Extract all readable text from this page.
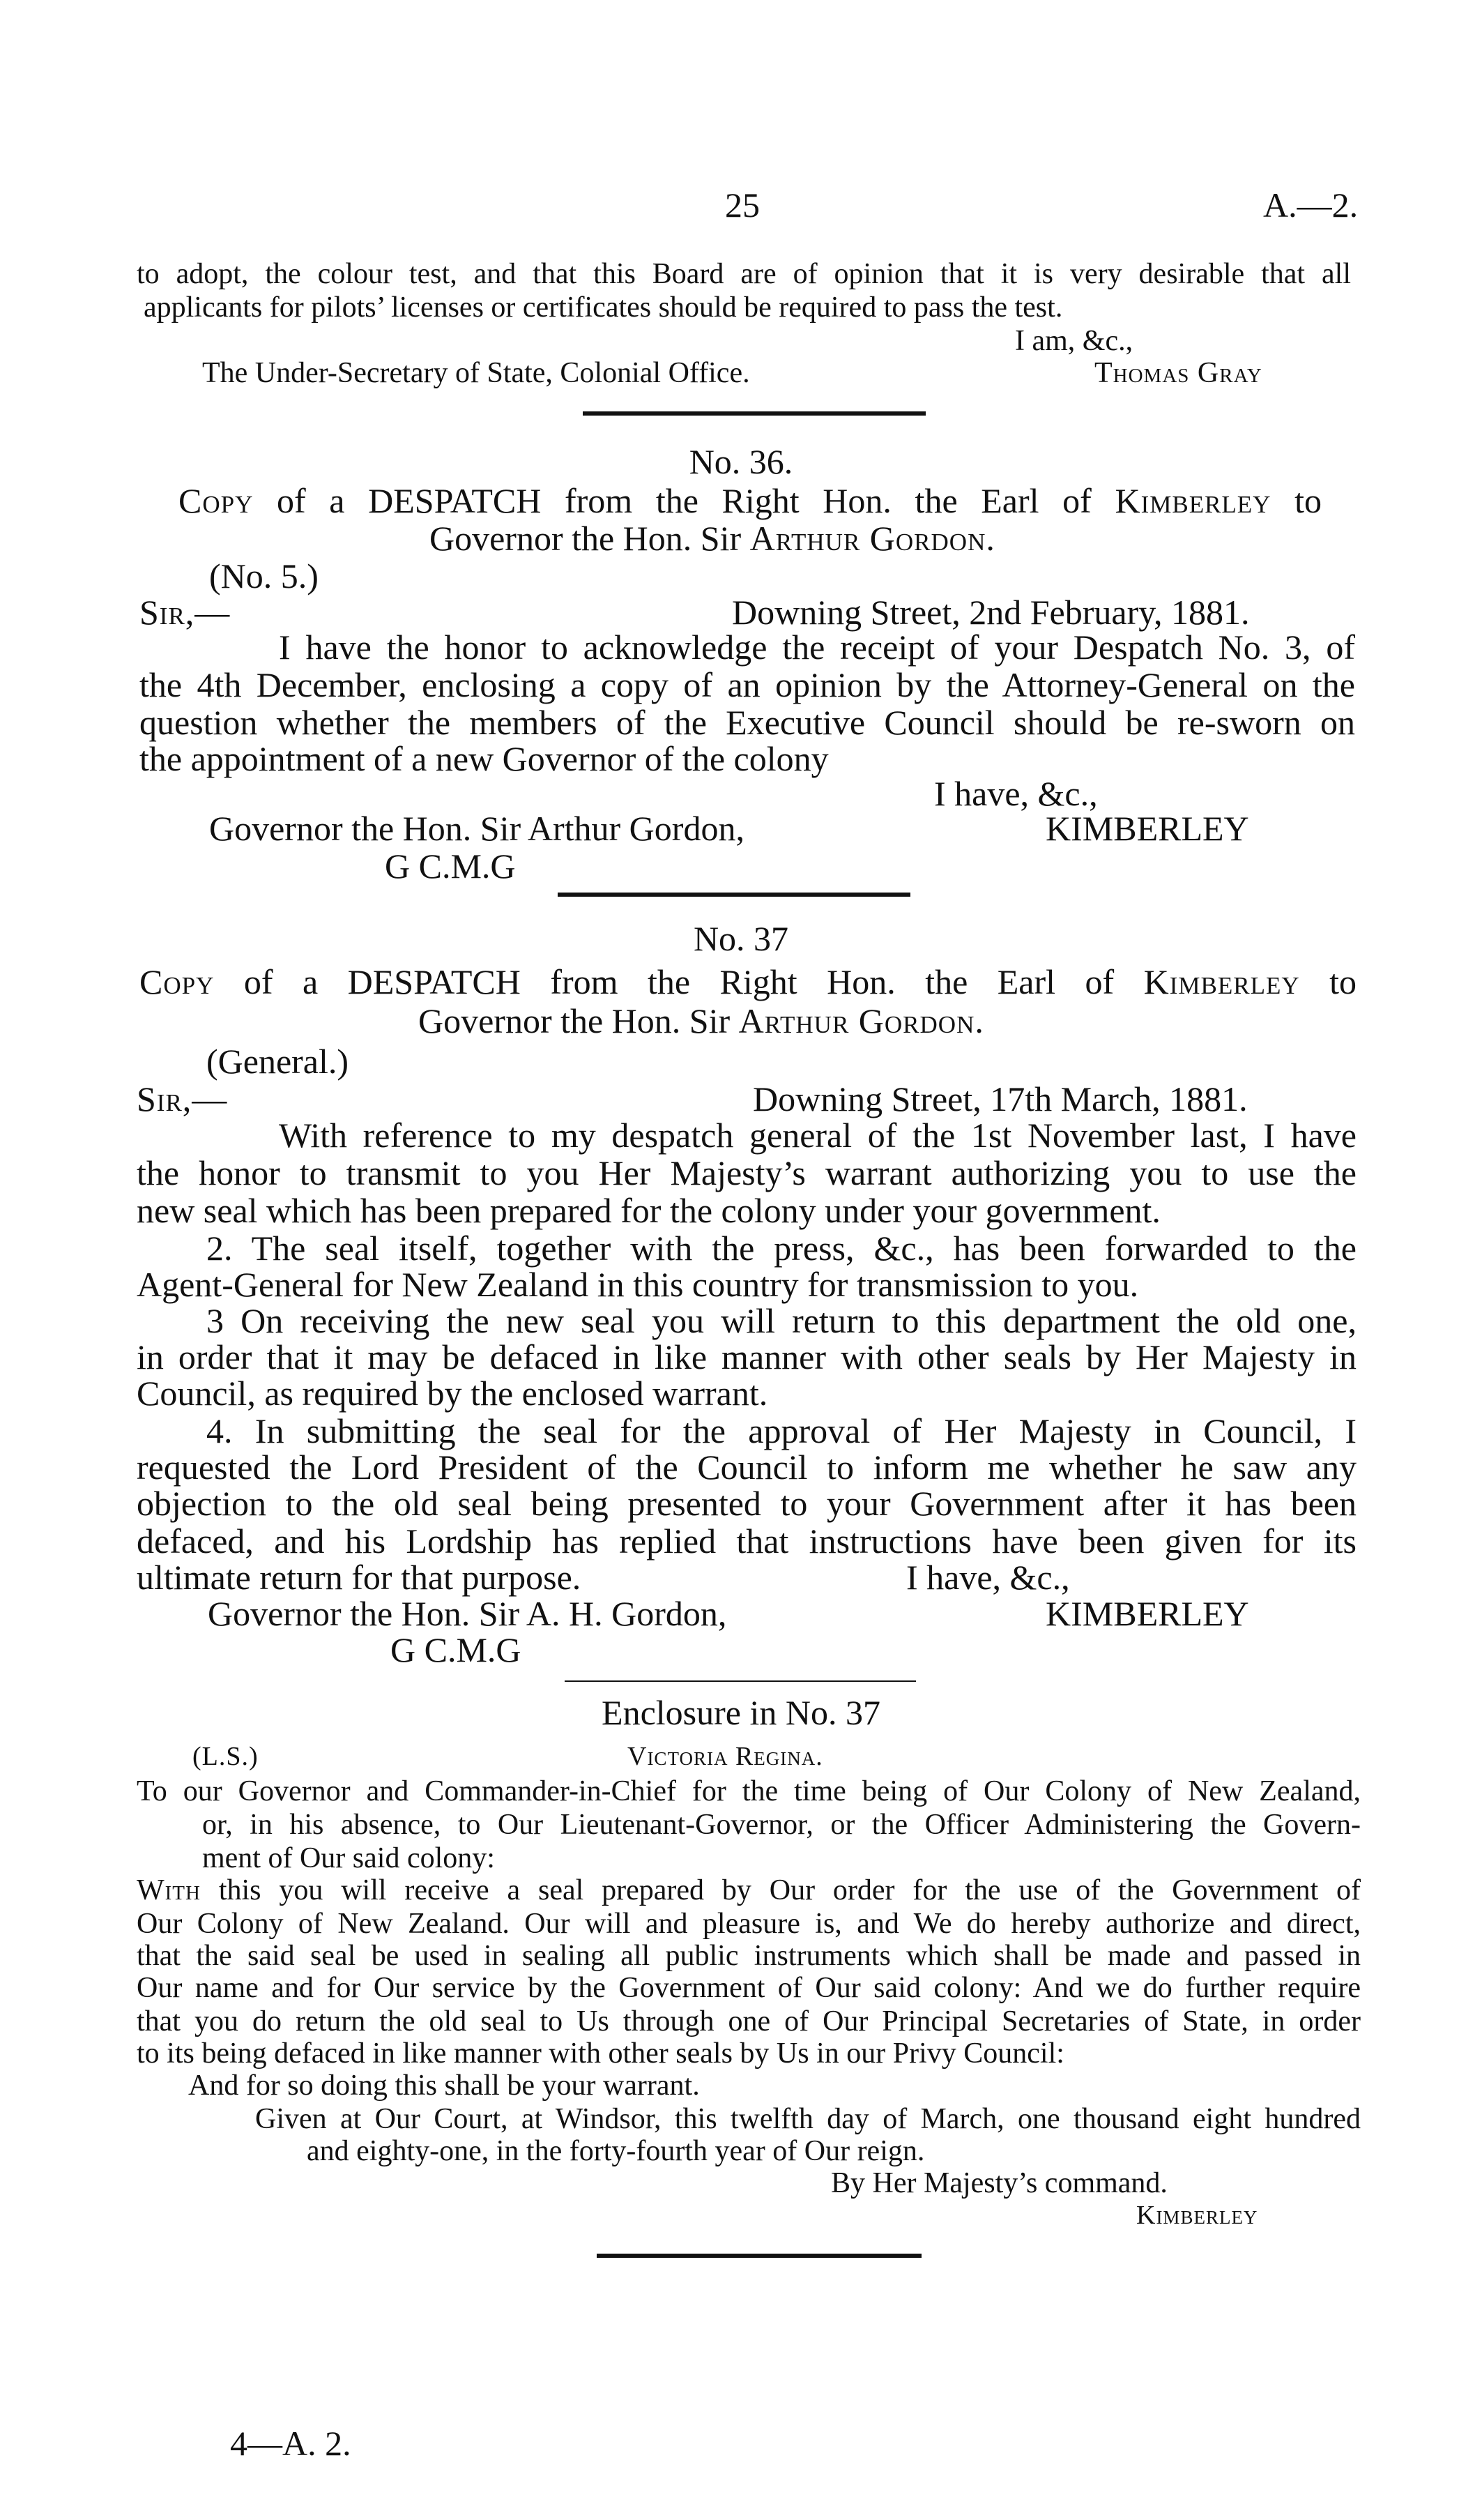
25	A.—2.
to adopt, the colour test, and that this Board are of opinion that it is very desirable that all
applicants for pilots’ licenses or certificates should be required to pass the test.
I am, &c.,
The Under-Secretary of State, Colonial Office.	Thomas Gray
No. 36.
Copy of a DESPATCH from the Right Hon. the Earl of Kimberley to
Governor the Hon. Sir Arthur Gordon.
(No. 5.)
Sir,—	Downing Street, 2nd February, 1881.
I have the honor to acknowledge the receipt of your Despatch No. 3, of
the 4th December, enclosing a copy of an opinion by the Attorney-General on the
question whether the members of the Executive Council should be re-sworn on
the appointment of a new Governor of the colony
I have, &c.,
Governor the Hon. Sir Arthur Gordon,	KIMBERLEY
G C.M.G
No. 37
Copy of a DESPATCH from the Right Hon. the Earl of Kimberley to
Governor the Hon. Sir Arthur Gordon.
(General.)
Sir,—	Downing Street, 17th March, 1881.
With reference to my despatch general of the 1st November last, I have
the honor to transmit to you Her Majesty’s warrant authorizing you to use the
new seal which has been prepared for the colony under your government.
2. The seal itself, together with the press, &c., has been forwarded to the
Agent-General for New Zealand in this country for transmission to you.
3 On receiving the new seal you will return to this department the old one,
in order that it may be defaced in like manner with other seals by Her Majesty in
Council, as required by the enclosed warrant.
4. In submitting the seal for the approval of Her Majesty in Council, I
requested the Lord President of the Council to inform me whether he saw any
objection to the old seal being presented to your Government after it has been
defaced, and his Lordship has replied that instructions have been given for its
ultimate return for that purpose.	I have, &c.,
Governor the Hon. Sir A. H. Gordon,	KIMBERLEY
G C.M.G
Enclosure in No. 37
(L.S.)	Victoria Regina.
To our Governor and Commander-in-Chief for the time being of Our Colony of New Zealand,
or, in his absence, to Our Lieutenant-Governor, or the Officer Administering the Govern-
ment of Our said colony:
With this you will receive a seal prepared by Our order for the use of the Government of
Our Colony of New Zealand. Our will and pleasure is, and We do hereby authorize and direct,
that the said seal be used in sealing all public instruments which shall be made and passed in
Our name and for Our service by the Government of Our said colony: And we do further require
that you do return the old seal to Us through one of Our Principal Secretaries of State, in order
to its being defaced in like manner with other seals by Us in our Privy Council:
And for so doing this shall be your warrant.
Given at Our Court, at Windsor, this twelfth day of March, one thousand eight hundred
and eighty-one, in the forty-fourth year of Our reign.
By Her Majesty’s command.
Kimberley
4—A. 2.
